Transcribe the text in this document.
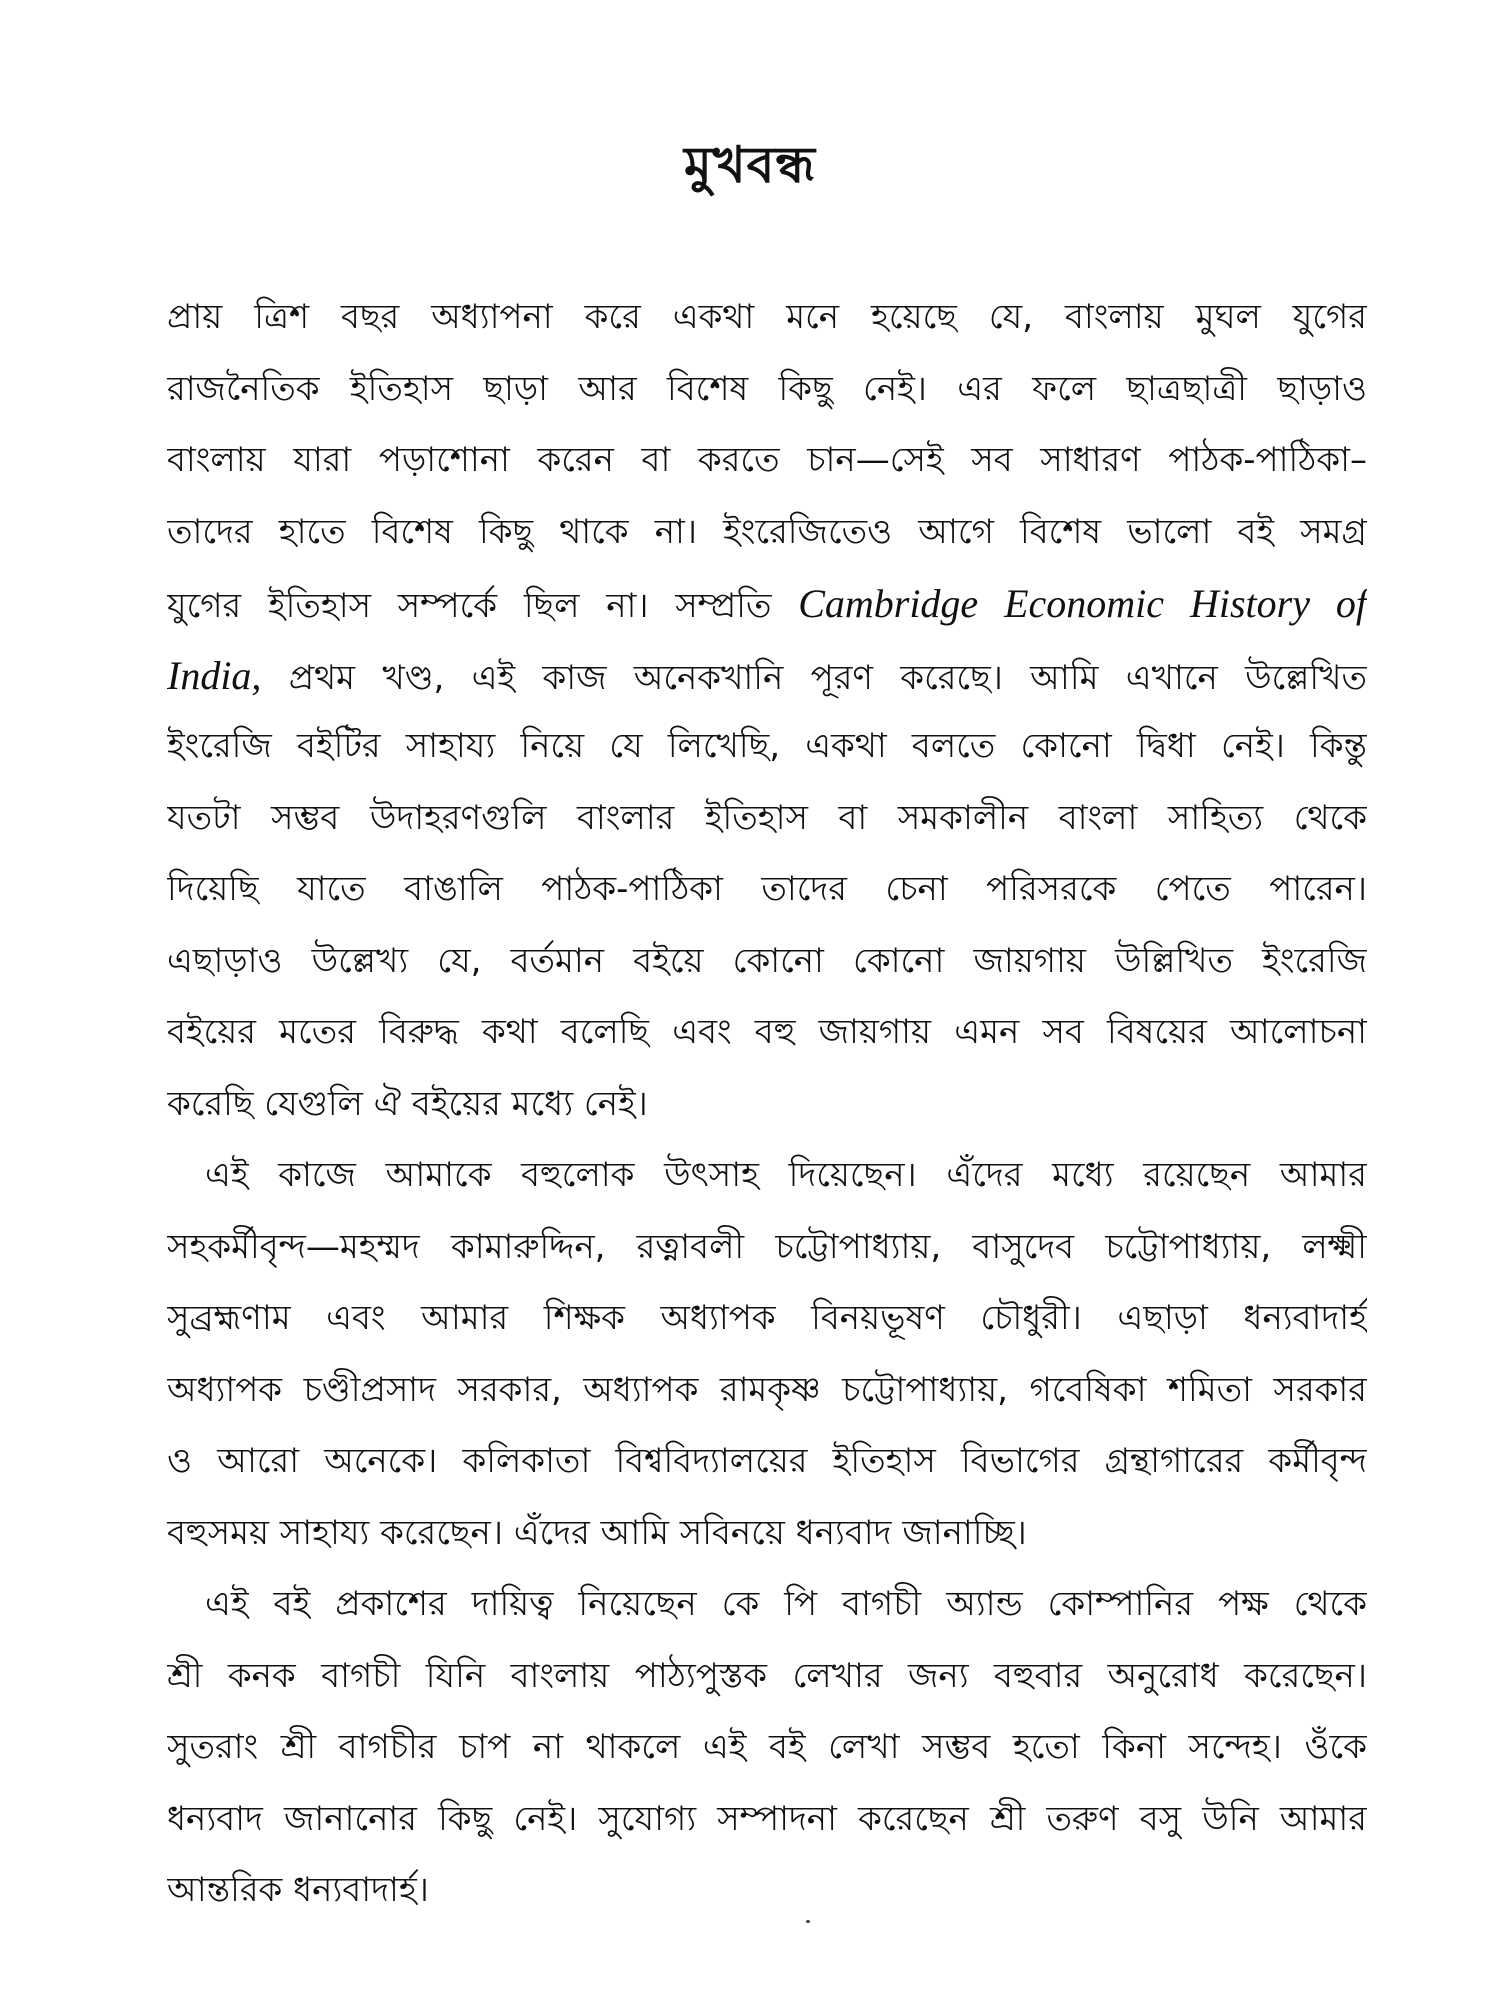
মুখবন্ধ
প্রায় ত্রিশ বছর অধ্যাপনা করে একথা মনে হয়েছে যে, বাংলায় মুঘল যুগের
রাজনৈতিক ইতিহাস ছাড়া আর বিশেষ কিছু নেই। এর ফলে ছাত্রছাত্রী ছাড়াও
বাংলায় যারা পড়াশোনা করেন বা করতে চান—সেই সব সাধারণ পাঠক-পাঠিকা–
তাদের হাতে বিশেষ কিছু থাকে না। ইংরেজিতেও আগে বিশেষ ভালো বই সমগ্র
যুগের ইতিহাস সম্পর্কে ছিল না। সম্প্রতি Cambridge Economic History of
India, প্রথম খণ্ড, এই কাজ অনেকখানি পূরণ করেছে। আমি এখানে উল্লেখিত
ইংরেজি বইটির সাহায্য নিয়ে যে লিখেছি, একথা বলতে কোনো দ্বিধা নেই। কিন্তু
যতটা সম্ভব উদাহরণগুলি বাংলার ইতিহাস বা সমকালীন বাংলা সাহিত্য থেকে
দিয়েছি যাতে বাঙালি পাঠক-পাঠিকা তাদের চেনা পরিসরকে পেতে পারেন।
এছাড়াও উল্লেখ্য যে, বর্তমান বইয়ে কোনো কোনো জায়গায় উল্লিখিত ইংরেজি
বইয়ের মতের বিরুদ্ধ কথা বলেছি এবং বহু জায়গায় এমন সব বিষয়ের আলোচনা
করেছি যেগুলি ঐ বইয়ের মধ্যে নেই।
এই কাজে আমাকে বহুলোক উৎসাহ দিয়েছেন। এঁদের মধ্যে রয়েছেন আমার
সহকর্মীবৃন্দ—মহম্মদ কামারুদ্দিন, রত্নাবলী চট্টোপাধ্যায়, বাসুদেব চট্টোপাধ্যায়, লক্ষ্মী
সুব্রহ্মণাম এবং আমার শিক্ষক অধ্যাপক বিনয়ভূষণ চৌধুরী। এছাড়া ধন্যবাদার্হ
অধ্যাপক চণ্ডীপ্রসাদ সরকার, অধ্যাপক রামকৃষ্ণ চট্টোপাধ্যায়, গবেষিকা শমিতা সরকার
ও আরো অনেকে। কলিকাতা বিশ্ববিদ্যালয়ের ইতিহাস বিভাগের গ্রন্থাগারের কর্মীবৃন্দ
বহুসময় সাহায্য করেছেন। এঁদের আমি সবিনয়ে ধন্যবাদ জানাচ্ছি।
এই বই প্রকাশের দায়িত্ব নিয়েছেন কে পি বাগচী অ্যান্ড কোম্পানির পক্ষ থেকে
শ্রী কনক বাগচী যিনি বাংলায় পাঠ্যপুস্তক লেখার জন্য বহুবার অনুরোধ করেছেন।
সুতরাং শ্রী বাগচীর চাপ না থাকলে এই বই লেখা সম্ভব হতো কিনা সন্দেহ। ওঁকে
ধন্যবাদ জানানোর কিছু নেই। সুযোগ্য সম্পাদনা করেছেন শ্রী তরুণ বসু উনি আমার
আন্তরিক ধন্যবাদার্হ।
